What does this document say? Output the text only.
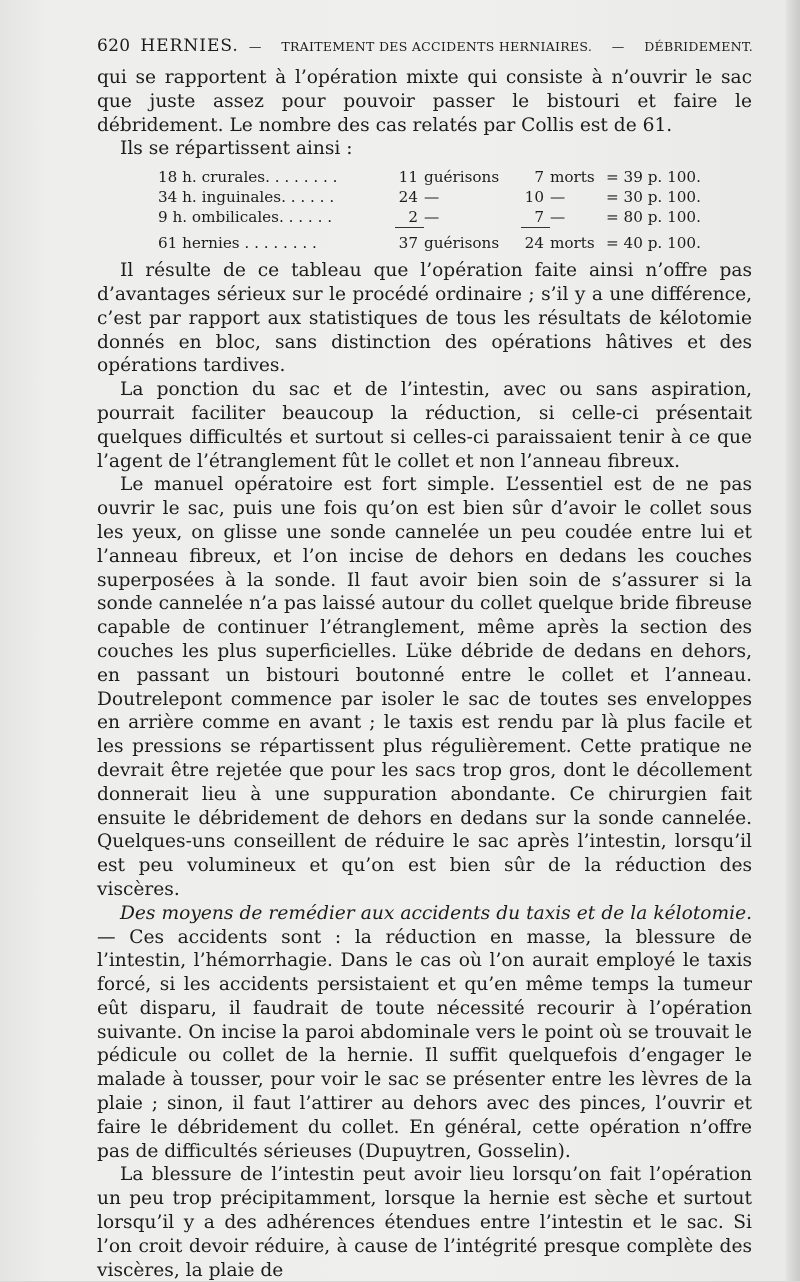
620 HERNIES. — TRAITEMENT DES ACCIDENTS HERNIAIRES. — DÉBRIDEMENT.

qui se rapportent à l’opération mixte qui consiste à n’ouvrir le sac que juste assez pour pouvoir passer le bistouri et faire le débridement. Le nombre des cas relatés par Collis est de 61.

Ils se répartissent ainsi :

18 h. crurales. . . . . . . .	11	guérisons	7	morts	= 39 p. 100.
34 h. inguinales. . . . . .	24	—	10	—	= 30 p. 100.
9 h. ombilicales. . . . . .	2	—	7	—	= 80 p. 100.
61 hernies . . . . . . . .	37	guérisons	24	morts	= 40 p. 100.

Il résulte de ce tableau que l’opération faite ainsi n’offre pas d’avantages sérieux sur le procédé ordinaire ; s’il y a une différence, c’est par rapport aux statistiques de tous les résultats de kélotomie donnés en bloc, sans distinction des opérations hâtives et des opérations tardives.

La ponction du sac et de l’intestin, avec ou sans aspiration, pourrait faciliter beaucoup la réduction, si celle-ci présentait quelques difficultés et surtout si celles-ci paraissaient tenir à ce que l’agent de l’étranglement fût le collet et non l’anneau fibreux.

Le manuel opératoire est fort simple. L’essentiel est de ne pas ouvrir le sac, puis une fois qu’on est bien sûr d’avoir le collet sous les yeux, on glisse une sonde cannelée un peu coudée entre lui et l’anneau fibreux, et l’on incise de dehors en dedans les couches superposées à la sonde. Il faut avoir bien soin de s’assurer si la sonde cannelée n’a pas laissé autour du collet quelque bride fibreuse capable de continuer l’étranglement, même après la section des couches les plus superficielles. Lüke débride de dedans en dehors, en passant un bistouri boutonné entre le collet et l’anneau. Doutrelepont commence par isoler le sac de toutes ses enveloppes en arrière comme en avant ; le taxis est rendu par là plus facile et les pressions se répartissent plus régulièrement. Cette pratique ne devrait être rejetée que pour les sacs trop gros, dont le décollement donnerait lieu à une suppuration abondante. Ce chirurgien fait ensuite le débridement de dehors en dedans sur la sonde cannelée. Quelques-uns conseillent de réduire le sac après l’intestin, lorsqu’il est peu volumineux et qu’on est bien sûr de la réduction des viscères.

Des moyens de remédier aux accidents du taxis et de la kélotomie. — Ces accidents sont : la réduction en masse, la blessure de l’intestin, l’hémorrhagie. Dans le cas où l’on aurait employé le taxis forcé, si les accidents persistaient et qu’en même temps la tumeur eût disparu, il faudrait de toute nécessité recourir à l’opération suivante. On incise la paroi abdominale vers le point où se trouvait le pédicule ou collet de la hernie. Il suffit quelquefois d’engager le malade à tousser, pour voir le sac se présenter entre les lèvres de la plaie ; sinon, il faut l’attirer au dehors avec des pinces, l’ouvrir et faire le débridement du collet. En général, cette opération n’offre pas de difficultés sérieuses (Dupuytren, Gosselin).

La blessure de l’intestin peut avoir lieu lorsqu’on fait l’opération un peu trop précipitamment, lorsque la hernie est sèche et surtout lorsqu’il y a des adhérences étendues entre l’intestin et le sac. Si l’on croit devoir réduire, à cause de l’intégrité presque complète des viscères, la plaie de
